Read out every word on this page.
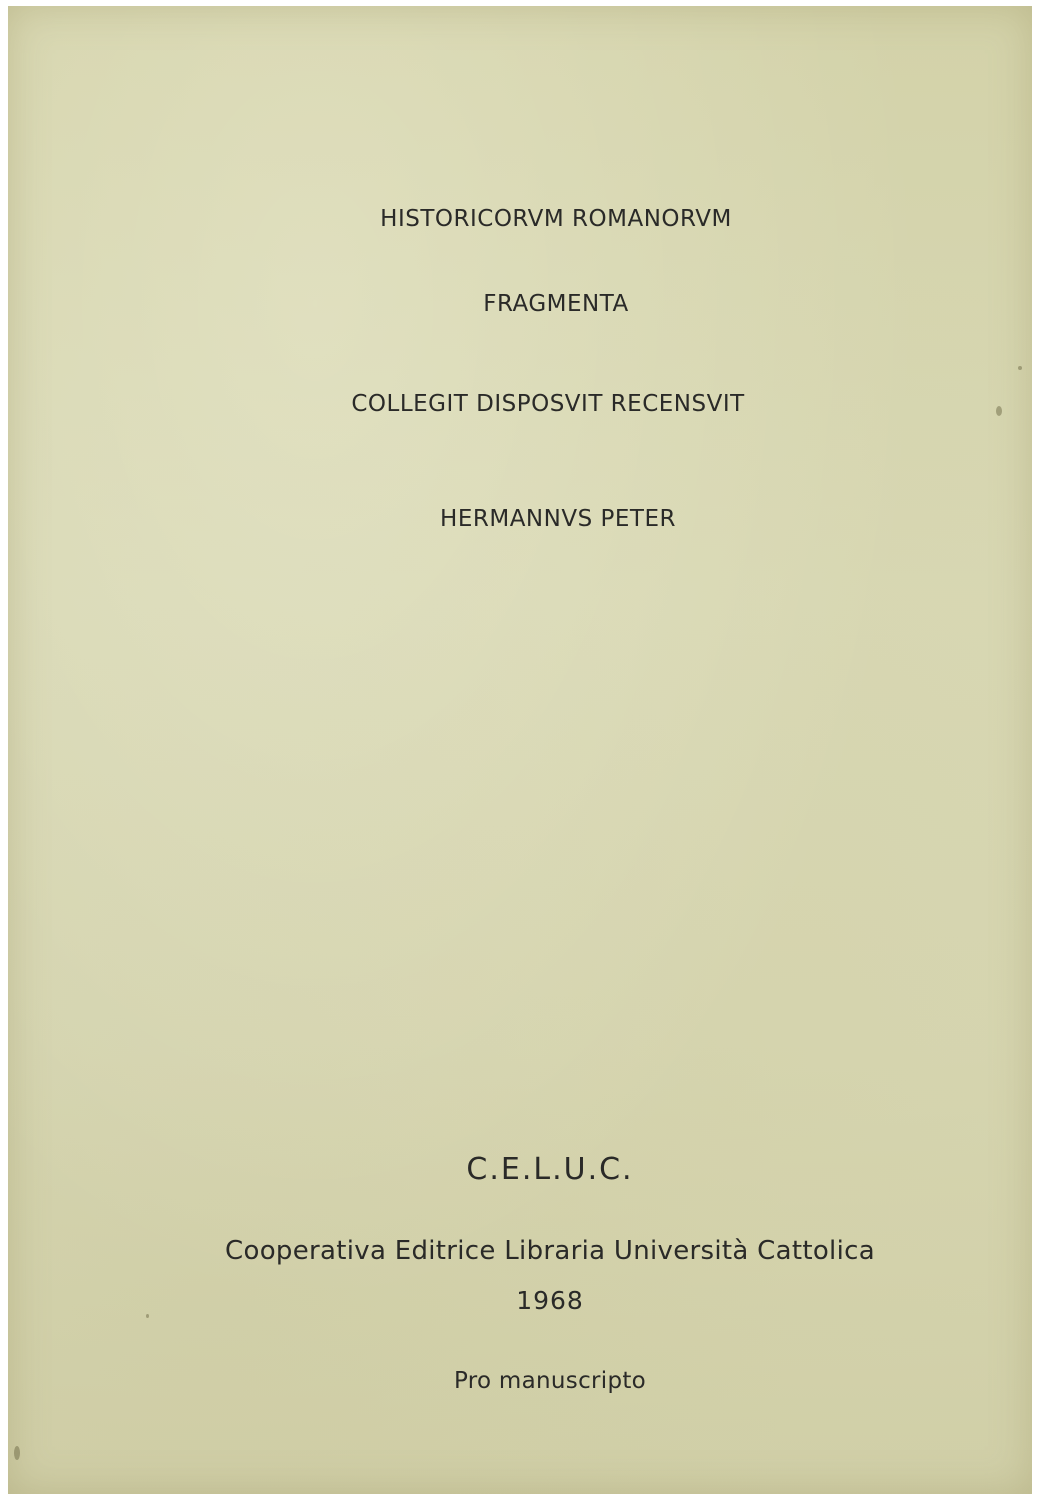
HISTORICORVM ROMANORVM
FRAGMENTA
COLLEGIT DISPOSVIT RECENSVIT
HERMANNVS PETER
C.E.L.U.C.
Cooperativa Editrice Libraria Università Cattolica
1968
Pro manuscripto
